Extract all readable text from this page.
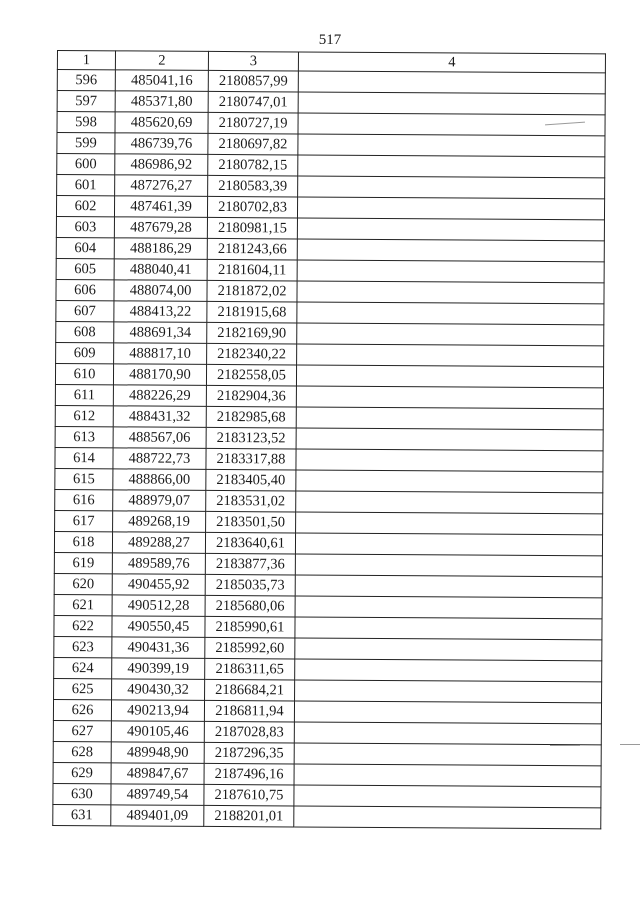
517
1	2	3	4
596	485041,16	2180857,99	
597	485371,80	2180747,01	
598	485620,69	2180727,19	
599	486739,76	2180697,82	
600	486986,92	2180782,15	
601	487276,27	2180583,39	
602	487461,39	2180702,83	
603	487679,28	2180981,15	
604	488186,29	2181243,66	
605	488040,41	2181604,11	
606	488074,00	2181872,02	
607	488413,22	2181915,68	
608	488691,34	2182169,90	
609	488817,10	2182340,22	
610	488170,90	2182558,05	
611	488226,29	2182904,36	
612	488431,32	2182985,68	
613	488567,06	2183123,52	
614	488722,73	2183317,88	
615	488866,00	2183405,40	
616	488979,07	2183531,02	
617	489268,19	2183501,50	
618	489288,27	2183640,61	
619	489589,76	2183877,36	
620	490455,92	2185035,73	
621	490512,28	2185680,06	
622	490550,45	2185990,61	
623	490431,36	2185992,60	
624	490399,19	2186311,65	
625	490430,32	2186684,21	
626	490213,94	2186811,94	
627	490105,46	2187028,83	
628	489948,90	2187296,35	
629	489847,67	2187496,16	
630	489749,54	2187610,75	
631	489401,09	2188201,01	
